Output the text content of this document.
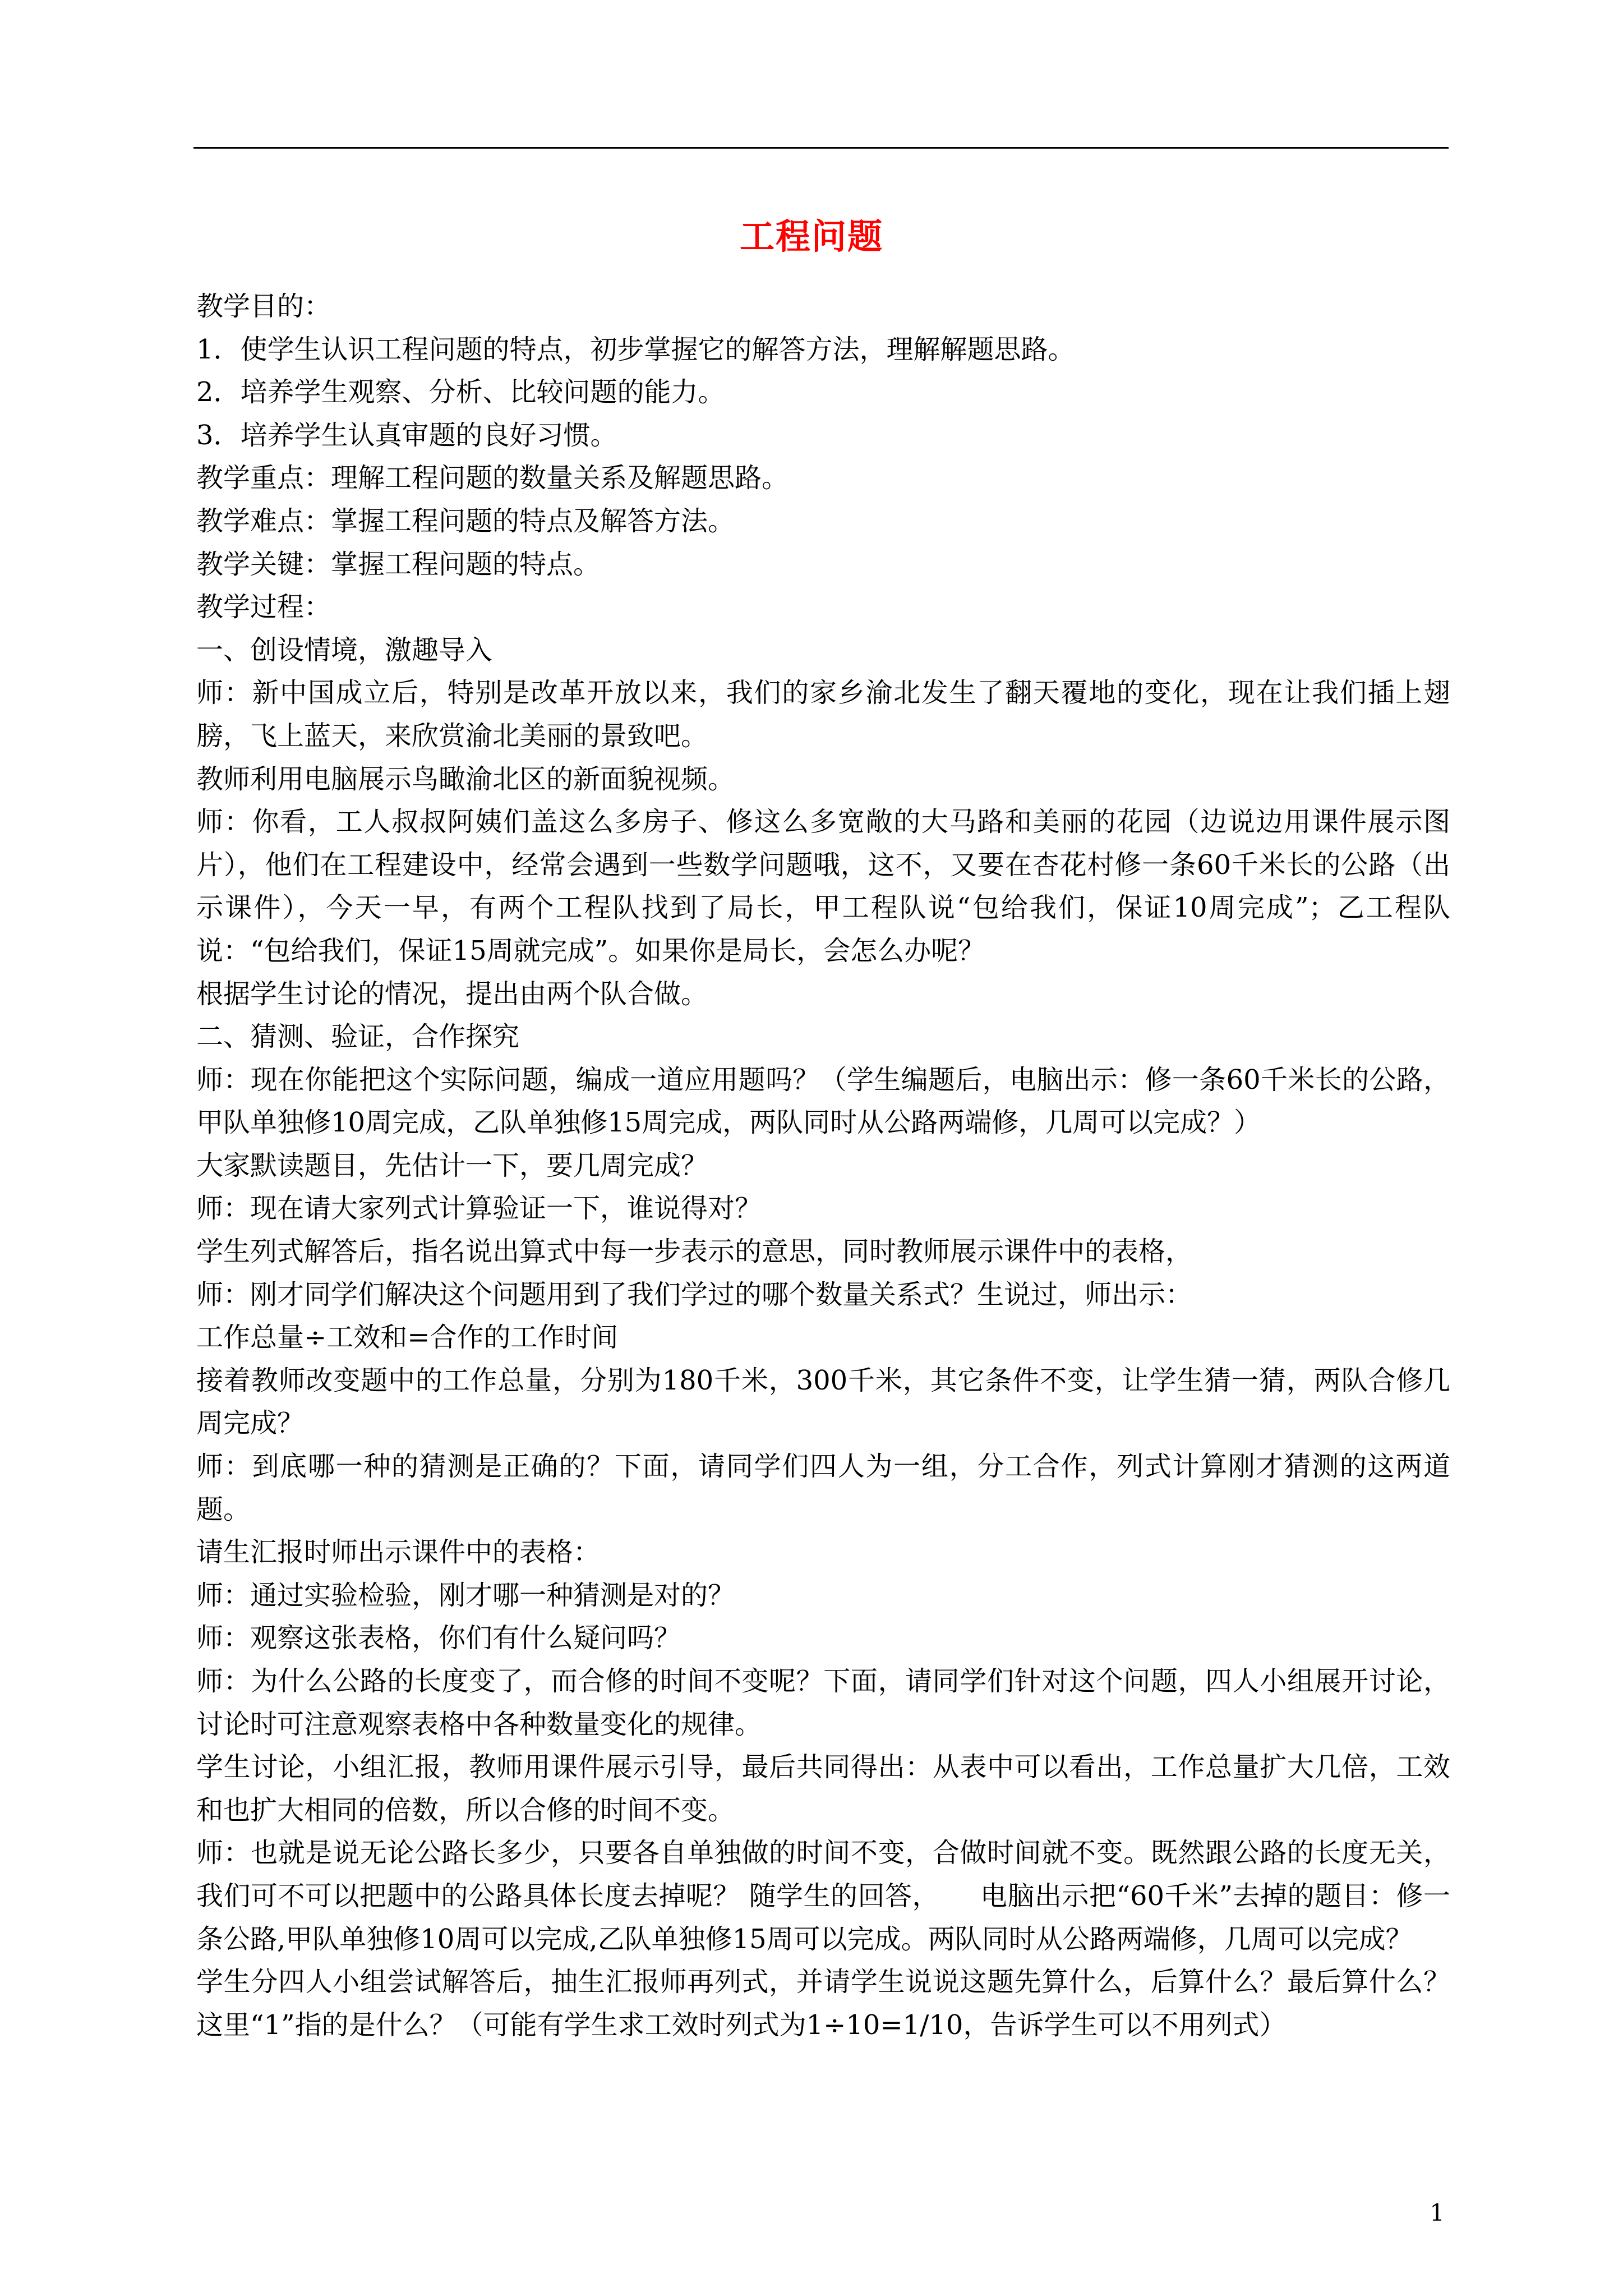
工程问题

教学目的：

1．使学生认识工程问题的特点，初步掌握它的解答方法，理解解题思路。

2．培养学生观察、分析、比较问题的能力。

3．培养学生认真审题的良好习惯。

教学重点：理解工程问题的数量关系及解题思路。

教学难点：掌握工程问题的特点及解答方法。

教学关键：掌握工程问题的特点。

教学过程：

一、创设情境，激趣导入

师：新中国成立后，特别是改革开放以来，我们的家乡渝北发生了翻天覆地的变化，现在让我们插上翅膀，飞上蓝天，来欣赏渝北美丽的景致吧。

教师利用电脑展示鸟瞰渝北区的新面貌视频。

师：你看，工人叔叔阿姨们盖这么多房子、修这么多宽敞的大马路和美丽的花园（边说边用课件展示图片），他们在工程建设中，经常会遇到一些数学问题哦，这不，又要在杏花村修一条60千米长的公路（出示课件），今天一早，有两个工程队找到了局长，甲工程队说“包给我们，保证10周完成”；乙工程队说：“包给我们，保证15周就完成”。如果你是局长，会怎么办呢？

根据学生讨论的情况，提出由两个队合做。

二、猜测、验证，合作探究

师：现在你能把这个实际问题，编成一道应用题吗？（学生编题后，电脑出示：修一条60千米长的公路，甲队单独修10周完成，乙队单独修15周完成，两队同时从公路两端修，几周可以完成？）

大家默读题目，先估计一下，要几周完成？

师：现在请大家列式计算验证一下，谁说得对？

学生列式解答后，指名说出算式中每一步表示的意思，同时教师展示课件中的表格，

师：刚才同学们解决这个问题用到了我们学过的哪个数量关系式？生说过，师出示：

工作总量÷工效和=合作的工作时间

接着教师改变题中的工作总量，分别为180千米，300千米，其它条件不变，让学生猜一猜，两队合修几周完成？

师：到底哪一种的猜测是正确的？下面，请同学们四人为一组，分工合作，列式计算刚才猜测的这两道题。

请生汇报时师出示课件中的表格：

师：通过实验检验，刚才哪一种猜测是对的？

师：观察这张表格，你们有什么疑问吗？

师：为什么公路的长度变了，而合修的时间不变呢？下面，请同学们针对这个问题，四人小组展开讨论，讨论时可注意观察表格中各种数量变化的规律。

学生讨论，小组汇报，教师用课件展示引导，最后共同得出：从表中可以看出，工作总量扩大几倍，工效和也扩大相同的倍数，所以合修的时间不变。

师：也就是说无论公路长多少，只要各自单独做的时间不变，合做时间就不变。既然跟公路的长度无关，我们可不可以把题中的公路具体长度去掉呢？ 随学生的回答，　　电脑出示把“60千米”去掉的题目：修一条公路,甲队单独修10周可以完成,乙队单独修15周可以完成。两队同时从公路两端修，几周可以完成？

学生分四人小组尝试解答后，抽生汇报师再列式，并请学生说说这题先算什么，后算什么？最后算什么？这里“1”指的是什么？（可能有学生求工效时列式为1÷10=1/10，告诉学生可以不用列式）

1
